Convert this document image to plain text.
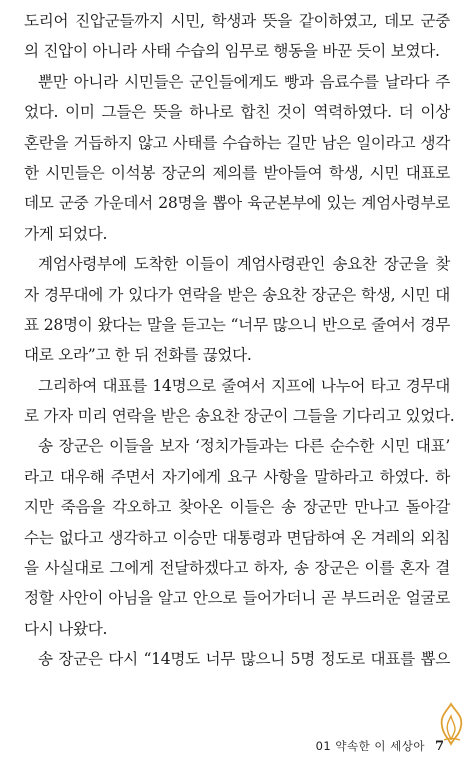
도리어 진압군들까지 시민, 학생과 뜻을 같이하였고, 데모 군중
의 진압이 아니라 사태 수습의 임무로 행동을 바꾼 듯이 보였다.
뿐만 아니라 시민들은 군인들에게도 빵과 음료수를 날라다 주
었다. 이미 그들은 뜻을 하나로 합친 것이 역력하였다. 더 이상
혼란을 거듭하지 않고 사태를 수습하는 길만 남은 일이라고 생각
한 시민들은 이석봉 장군의 제의를 받아들여 학생, 시민 대표로
데모 군중 가운데서 28명을 뽑아 육군본부에 있는 계엄사령부로
가게 되었다.
계엄사령부에 도착한 이들이 계엄사령관인 송요찬 장군을 찾
자 경무대에 가 있다가 연락을 받은 송요찬 장군은 학생, 시민 대
표 28명이 왔다는 말을 듣고는 “너무 많으니 반으로 줄여서 경무
대로 오라”고 한 뒤 전화를 끊었다.
그리하여 대표를 14명으로 줄여서 지프에 나누어 타고 경무대
로 가자 미리 연락을 받은 송요찬 장군이 그들을 기다리고 있었다.
송 장군은 이들을 보자 ‘정치가들과는 다른 순수한 시민 대표’
라고 대우해 주면서 자기에게 요구 사항을 말하라고 하였다. 하
지만 죽음을 각오하고 찾아온 이들은 송 장군만 만나고 돌아갈
수는 없다고 생각하고 이승만 대통령과 면담하여 온 겨레의 외침
을 사실대로 그에게 전달하겠다고 하자, 송 장군은 이를 혼자 결
정할 사안이 아님을 알고 안으로 들어가더니 곧 부드러운 얼굴로
다시 나왔다.
송 장군은 다시 “14명도 너무 많으니 5명 정도로 대표를 뽑으
01 약속한 이 세상아 7
